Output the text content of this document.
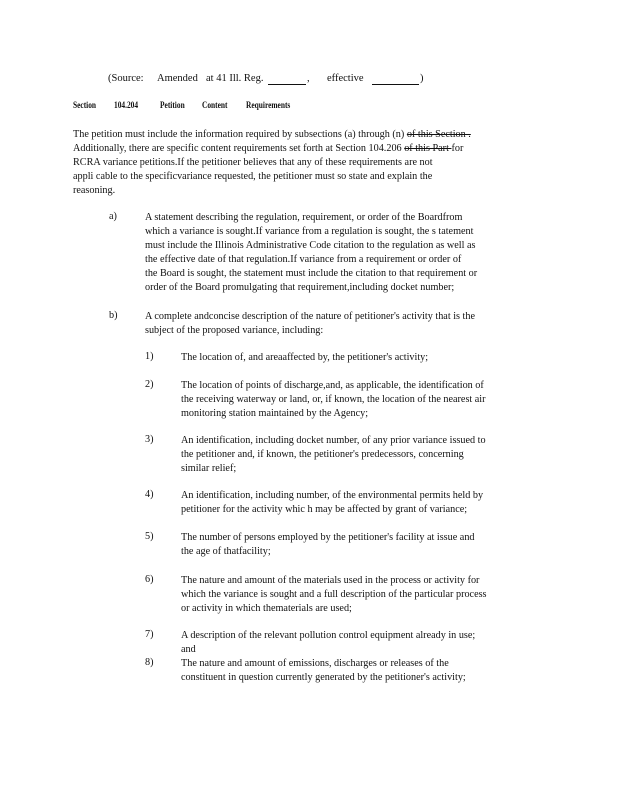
(Source: Amended at 41 Ill. Reg.	, effective	)
Section 104.204 Petition Content Requirements
The petition must include the information required by subsections (a) through (n) of this Section .
Additionally, there are specific content requirements set forth at Section 104.206 of this Part for
RCRA variance petitions.If the petitioner believes that any of these requirements are not
appli cable to the specificvariance requested, the petitioner must so state and explain the
reasoning.
a)	A statement describing the regulation, requirement, or order of the Boardfrom
which a variance is sought.If variance from a regulation is sought, the s tatement
must include the Illinois Administrative Code citation to the regulation as well as
the effective date of that regulation.If variance from a requirement or order of
the Board is sought, the statement must include the citation to that requirement or
order of the Board promulgating that requirement,including docket number;
b)	A complete andconcise description of the nature of petitioner's activity that is the
subject of the proposed variance, including:
1)	The location of, and areaaffected by, the petitioner's activity;
2)	The location of points of discharge,and, as applicable, the identification of
the receiving waterway or land, or, if known, the location of the nearest air
monitoring station maintained by the Agency;
3)	An identification, including docket number, of any prior variance issued to
the petitioner and, if known, the petitioner's predecessors, concerning
similar relief;
4)	An identification, including number, of the environmental permits held by
petitioner for the activity whic h may be affected by grant of variance;
5)	The number of persons employed by the petitioner's facility at issue and
the age of thatfacility;
6)	The nature and amount of the materials used in the process or activity for
which the variance is sought and a full description of the particular process
or activity in which thematerials are used;
7)	A description of the relevant pollution control equipment already in use;
and
8)	The nature and amount of emissions, discharges or releases of the
constituent in question currently generated by the petitioner's activity;
